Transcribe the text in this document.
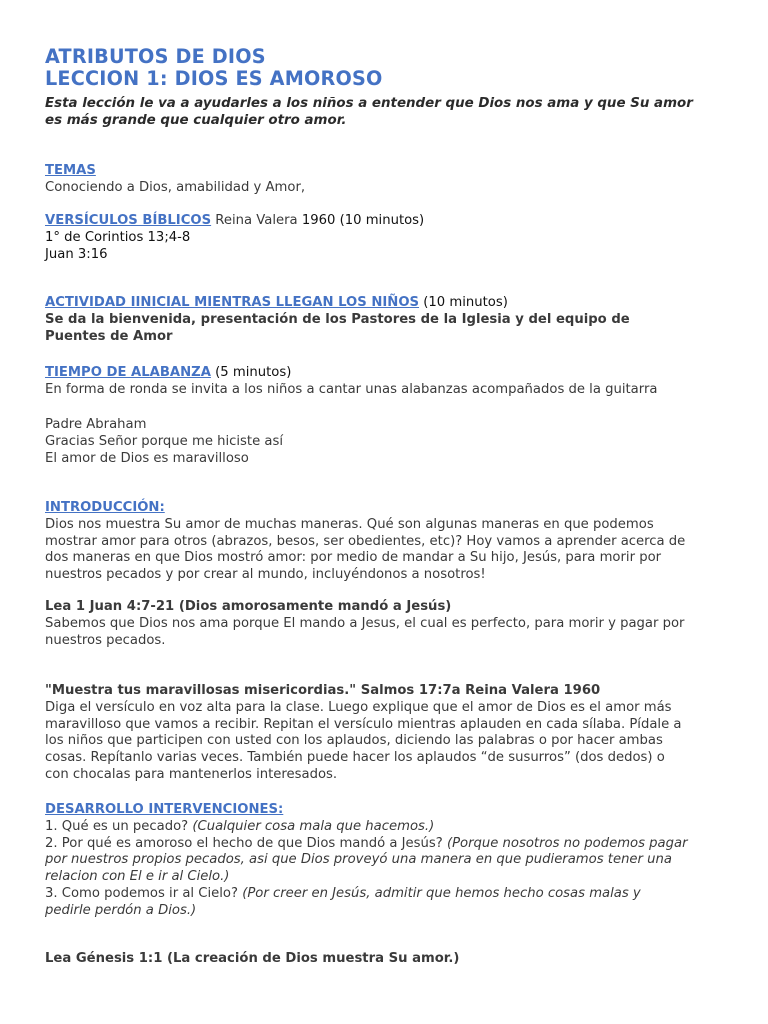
ATRIBUTOS DE DIOS
LECCION 1: DIOS ES AMOROSO
Esta lección le va a ayudarles a los niños a entender que Dios nos ama y que Su amor
es más grande que cualquier otro amor.
TEMAS
Conociendo a Dios, amabilidad y Amor,
VERSÍCULOS BÍBLICOS Reina Valera 1960 (10 minutos)
1° de Corintios 13;4-8
Juan 3:16
ACTIVIDAD IINICIAL MIENTRAS LLEGAN LOS NIÑOS (10 minutos)
Se da la bienvenida, presentación de los Pastores de la Iglesia y del equipo de
Puentes de Amor
TIEMPO DE ALABANZA (5 minutos)
En forma de ronda se invita a los niños a cantar unas alabanzas acompañados de la guitarra
Padre Abraham
Gracias Señor porque me hiciste así
El amor de Dios es maravilloso
INTRODUCCIÓN:
Dios nos muestra Su amor de muchas maneras. Qué son algunas maneras en que podemos
mostrar amor para otros (abrazos, besos, ser obedientes, etc)? Hoy vamos a aprender acerca de
dos maneras en que Dios mostró amor: por medio de mandar a Su hijo, Jesús, para morir por
nuestros pecados y por crear al mundo, incluyéndonos a nosotros!
Lea 1 Juan 4:7-21 (Dios amorosamente mandó a Jesús)
Sabemos que Dios nos ama porque El mando a Jesus, el cual es perfecto, para morir y pagar por
nuestros pecados.
"Muestra tus maravillosas misericordias." Salmos 17:7a Reina Valera 1960
Diga el versículo en voz alta para la clase. Luego explique que el amor de Dios es el amor más
maravilloso que vamos a recibir. Repitan el versículo mientras aplauden en cada sílaba. Pídale a
los niños que participen con usted con los aplaudos, diciendo las palabras o por hacer ambas
cosas. Repítanlo varias veces. También puede hacer los aplaudos “de susurros” (dos dedos) o
con chocalas para mantenerlos interesados.
DESARROLLO INTERVENCIONES:
1. Qué es un pecado? (Cualquier cosa mala que hacemos.)
2. Por qué es amoroso el hecho de que Dios mandó a Jesús? (Porque nosotros no podemos pagar
por nuestros propios pecados, asi que Dios proveyó una manera en que pudieramos tener una
relacion con El e ir al Cielo.)
3. Como podemos ir al Cielo? (Por creer en Jesús, admitir que hemos hecho cosas malas y
pedirle perdón a Dios.)
Lea Génesis 1:1 (La creación de Dios muestra Su amor.)
